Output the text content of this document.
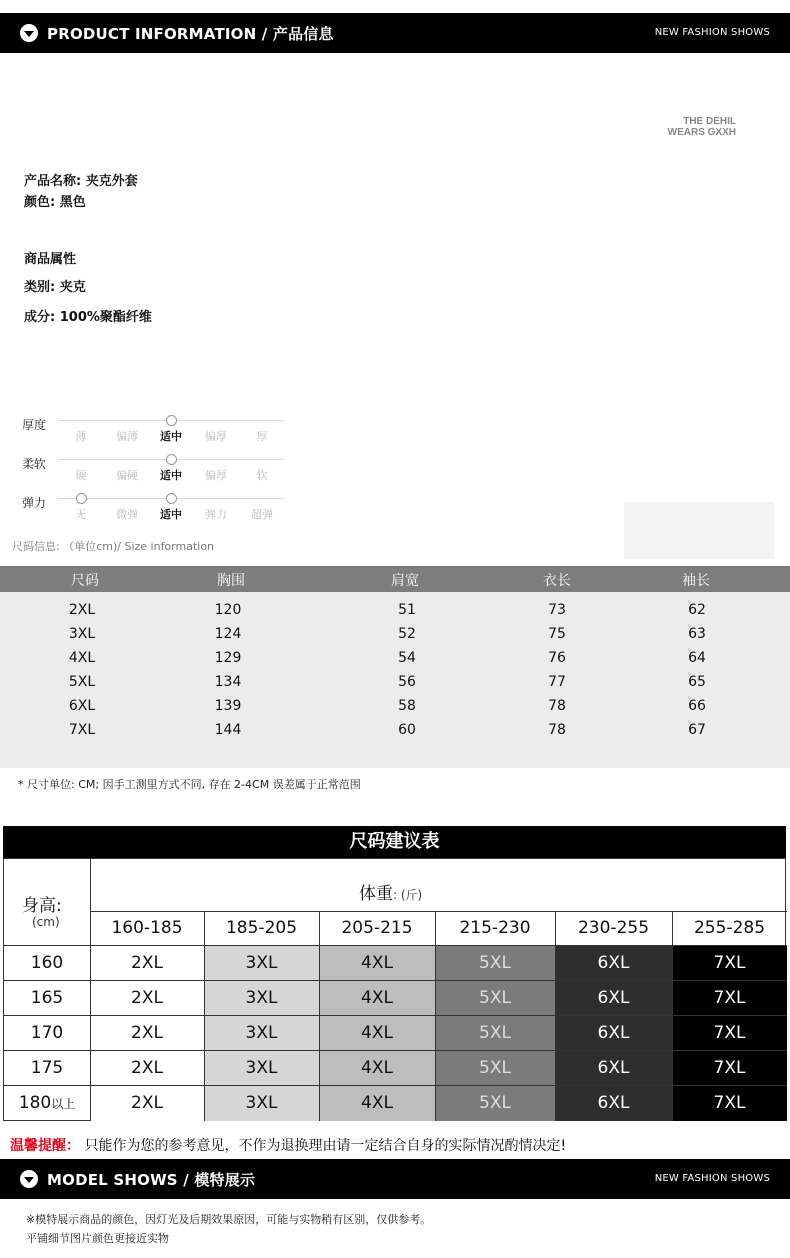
PRODUCT INFORMATION / 产品信息	NEW FASHION SHOWS
THE DEHIL
WEARS GXXH
产品名称: 夹克外套
颜色: 黑色
商品属性
类别: 夹克
成分: 100%聚酯纤维
厚度
薄	偏薄	适中	偏厚	厚
柔软
硬	偏硬	适中	偏厚	软
弹力
无	微弹	适中	弹力	超弹
尺码信息: （单位cm)/ Size information
尺码	胸围	肩宽	衣长	袖长
2XL	120	51	73	62
3XL	124	52	75	63
4XL	129	54	76	64
5XL	134	56	77	65
6XL	139	58	78	66
7XL	144	60	78	67
* 尺寸单位: CM; 因手工测里方式不同, 存在 2-4CM 误差属于正常范围
尺码建议表
身高:
(cm)
体重: (斤)
160-185	185-205	205-215	215-230	230-255	255-285
160	2XL	3XL	4XL	5XL	6XL	7XL
165	2XL	3XL	4XL	5XL	6XL	7XL
170	2XL	3XL	4XL	5XL	6XL	7XL
175	2XL	3XL	4XL	5XL	6XL	7XL
180 以上	2XL	3XL	4XL	5XL	6XL	7XL
温馨提醒： 只能作为您的参考意见，不作为退换理由请一定结合自身的实际情况酌情决定!
MODEL SHOWS / 模特展示	NEW FASHION SHOWS
※模特展示商品的颜色，因灯光及后期效果原因，可能与实物稍有区别，仅供参考。
平铺细节图片颜色更接近实物
